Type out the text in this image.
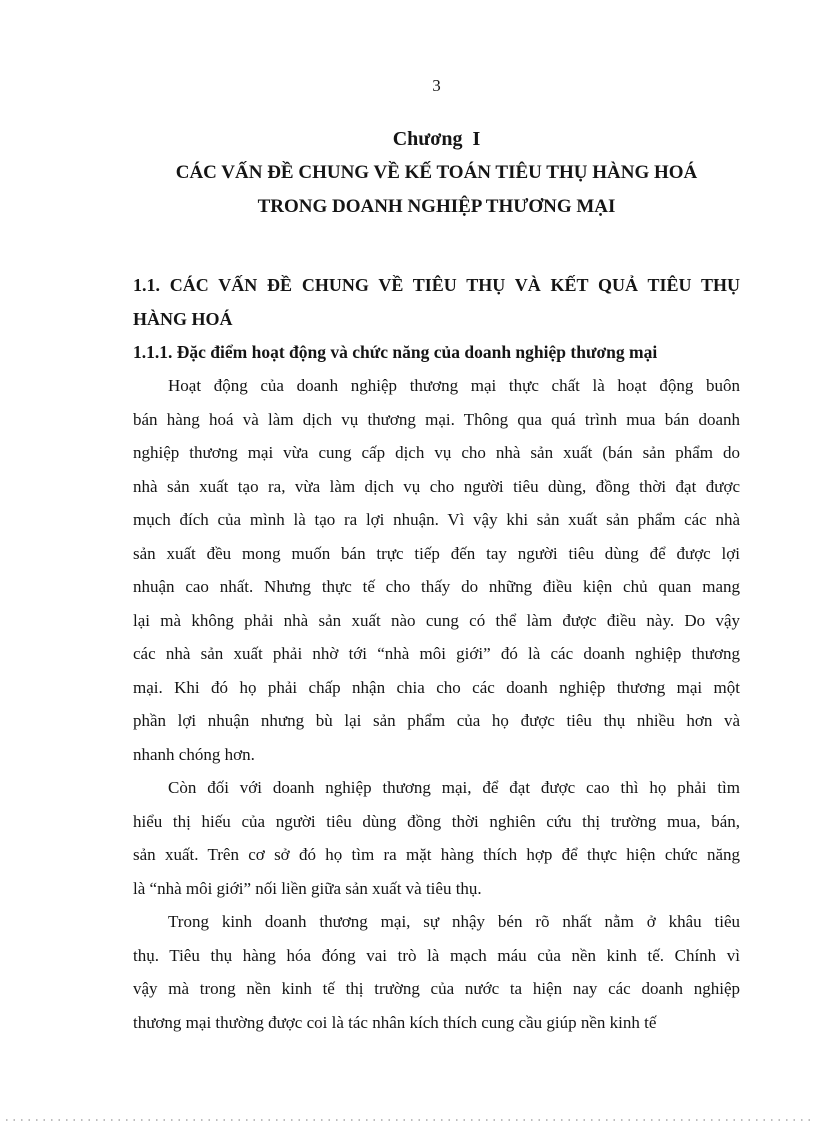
3
Chương I
CÁC VẤN ĐỀ CHUNG VỀ KẾ TOÁN TIÊU THỤ HÀNG HOÁ
TRONG DOANH NGHIỆP THƯƠNG MẠI
1.1. CÁC VẤN ĐỀ CHUNG VỀ TIÊU THỤ VÀ KẾT QUẢ TIÊU THỤ
HÀNG HOÁ
1.1.1. Đặc điểm hoạt động và chức năng của doanh nghiệp thương mại
Hoạt động của doanh nghiệp thương mại thực chất là hoạt động buôn
bán hàng hoá và làm dịch vụ thương mại. Thông qua quá trình mua bán doanh
nghiệp thương mại vừa cung cấp dịch vụ cho nhà sản xuất (bán sản phẩm do
nhà sản xuất tạo ra, vừa làm dịch vụ cho người tiêu dùng, đồng thời đạt được
mụch đích của mình là tạo ra lợi nhuận. Vì vậy khi sản xuất sản phẩm các nhà
sản xuất đều mong muốn bán trực tiếp đến tay người tiêu dùng để được lợi
nhuận cao nhất. Nhưng thực tế cho thấy do những điều kiện chủ quan mang
lại mà không phải nhà sản xuất nào cung có thể làm được điều này. Do vậy
các nhà sản xuất phải nhờ tới “nhà môi giới” đó là các doanh nghiệp thương
mại. Khi đó họ phải chấp nhận chia cho các doanh nghiệp thương mại một
phần lợi nhuận nhưng bù lại sản phẩm của họ được tiêu thụ nhiều hơn và
nhanh chóng hơn.
Còn đối với doanh nghiệp thương mại, để đạt được cao thì họ phải tìm
hiểu thị hiếu của người tiêu dùng đồng thời nghiên cứu thị trường mua, bán,
sản xuất. Trên cơ sở đó họ tìm ra mặt hàng thích hợp để thực hiện chức năng
là “nhà môi giới” nối liền giữa sản xuất và tiêu thụ.
Trong kinh doanh thương mại, sự nhậy bén rõ nhất nằm ở khâu tiêu
thụ. Tiêu thụ hàng hóa đóng vai trò là mạch máu của nền kinh tế. Chính vì
vậy mà trong nền kinh tế thị trường của nước ta hiện nay các doanh nghiệp
thương mại thường được coi là tác nhân kích thích cung cầu giúp nền kinh tế
